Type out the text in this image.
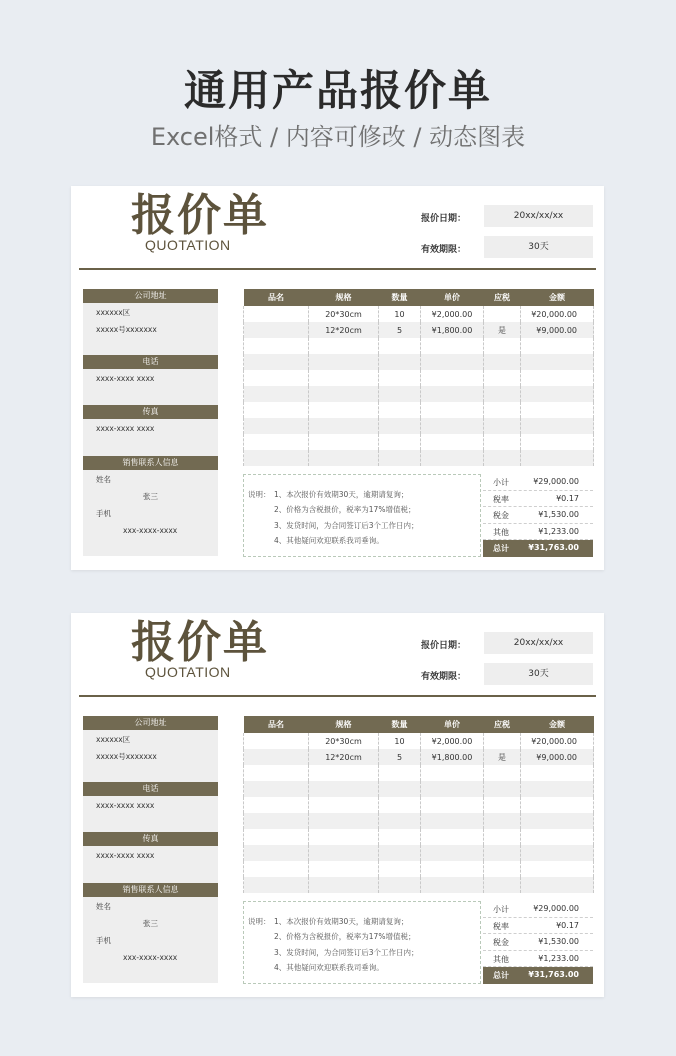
通用产品报价单
Excel格式 / 内容可修改 / 动态图表
报价单
QUOTATION
报价日期：	20xx/xx/xx
有效期限：	30天
公司地址
xxxxxx区
xxxxx号xxxxxxx
电话
xxxx-xxxx xxxx
传真
xxxx-xxxx xxxx
销售联系人信息
姓名
张三
手机
xxx-xxxx-xxxx
品名	规格	数量	单价	应税	金额
	20*30cm	10	¥2,000.00		¥20,000.00
	12*20cm	5	¥1,800.00	是	¥9,000.00

说明： 1、本次报价有效期30天，逾期请复询；
2、价格为含税报价，税率为17%增值税；
3、发货时间，为合同签订后3个工作日内；
4、其他疑问欢迎联系我司垂询。
小计	¥29,000.00
税率	¥0.17
税金	¥1,530.00
其他	¥1,233.00
总计 ¥31,763.00
报价单
QUOTATION
报价日期：	20xx/xx/xx
有效期限：	30天
公司地址
xxxxxx区
xxxxx号xxxxxxx
电话
xxxx-xxxx xxxx
传真
xxxx-xxxx xxxx
销售联系人信息
姓名
张三
手机
xxx-xxxx-xxxx
品名	规格	数量	单价	应税	金额
	20*30cm	10	¥2,000.00		¥20,000.00
	12*20cm	5	¥1,800.00	是	¥9,000.00

说明： 1、本次报价有效期30天，逾期请复询；
2、价格为含税报价，税率为17%增值税；
3、发货时间，为合同签订后3个工作日内；
4、其他疑问欢迎联系我司垂询。
小计	¥29,000.00
税率	¥0.17
税金	¥1,530.00
其他	¥1,233.00
总计 ¥31,763.00
